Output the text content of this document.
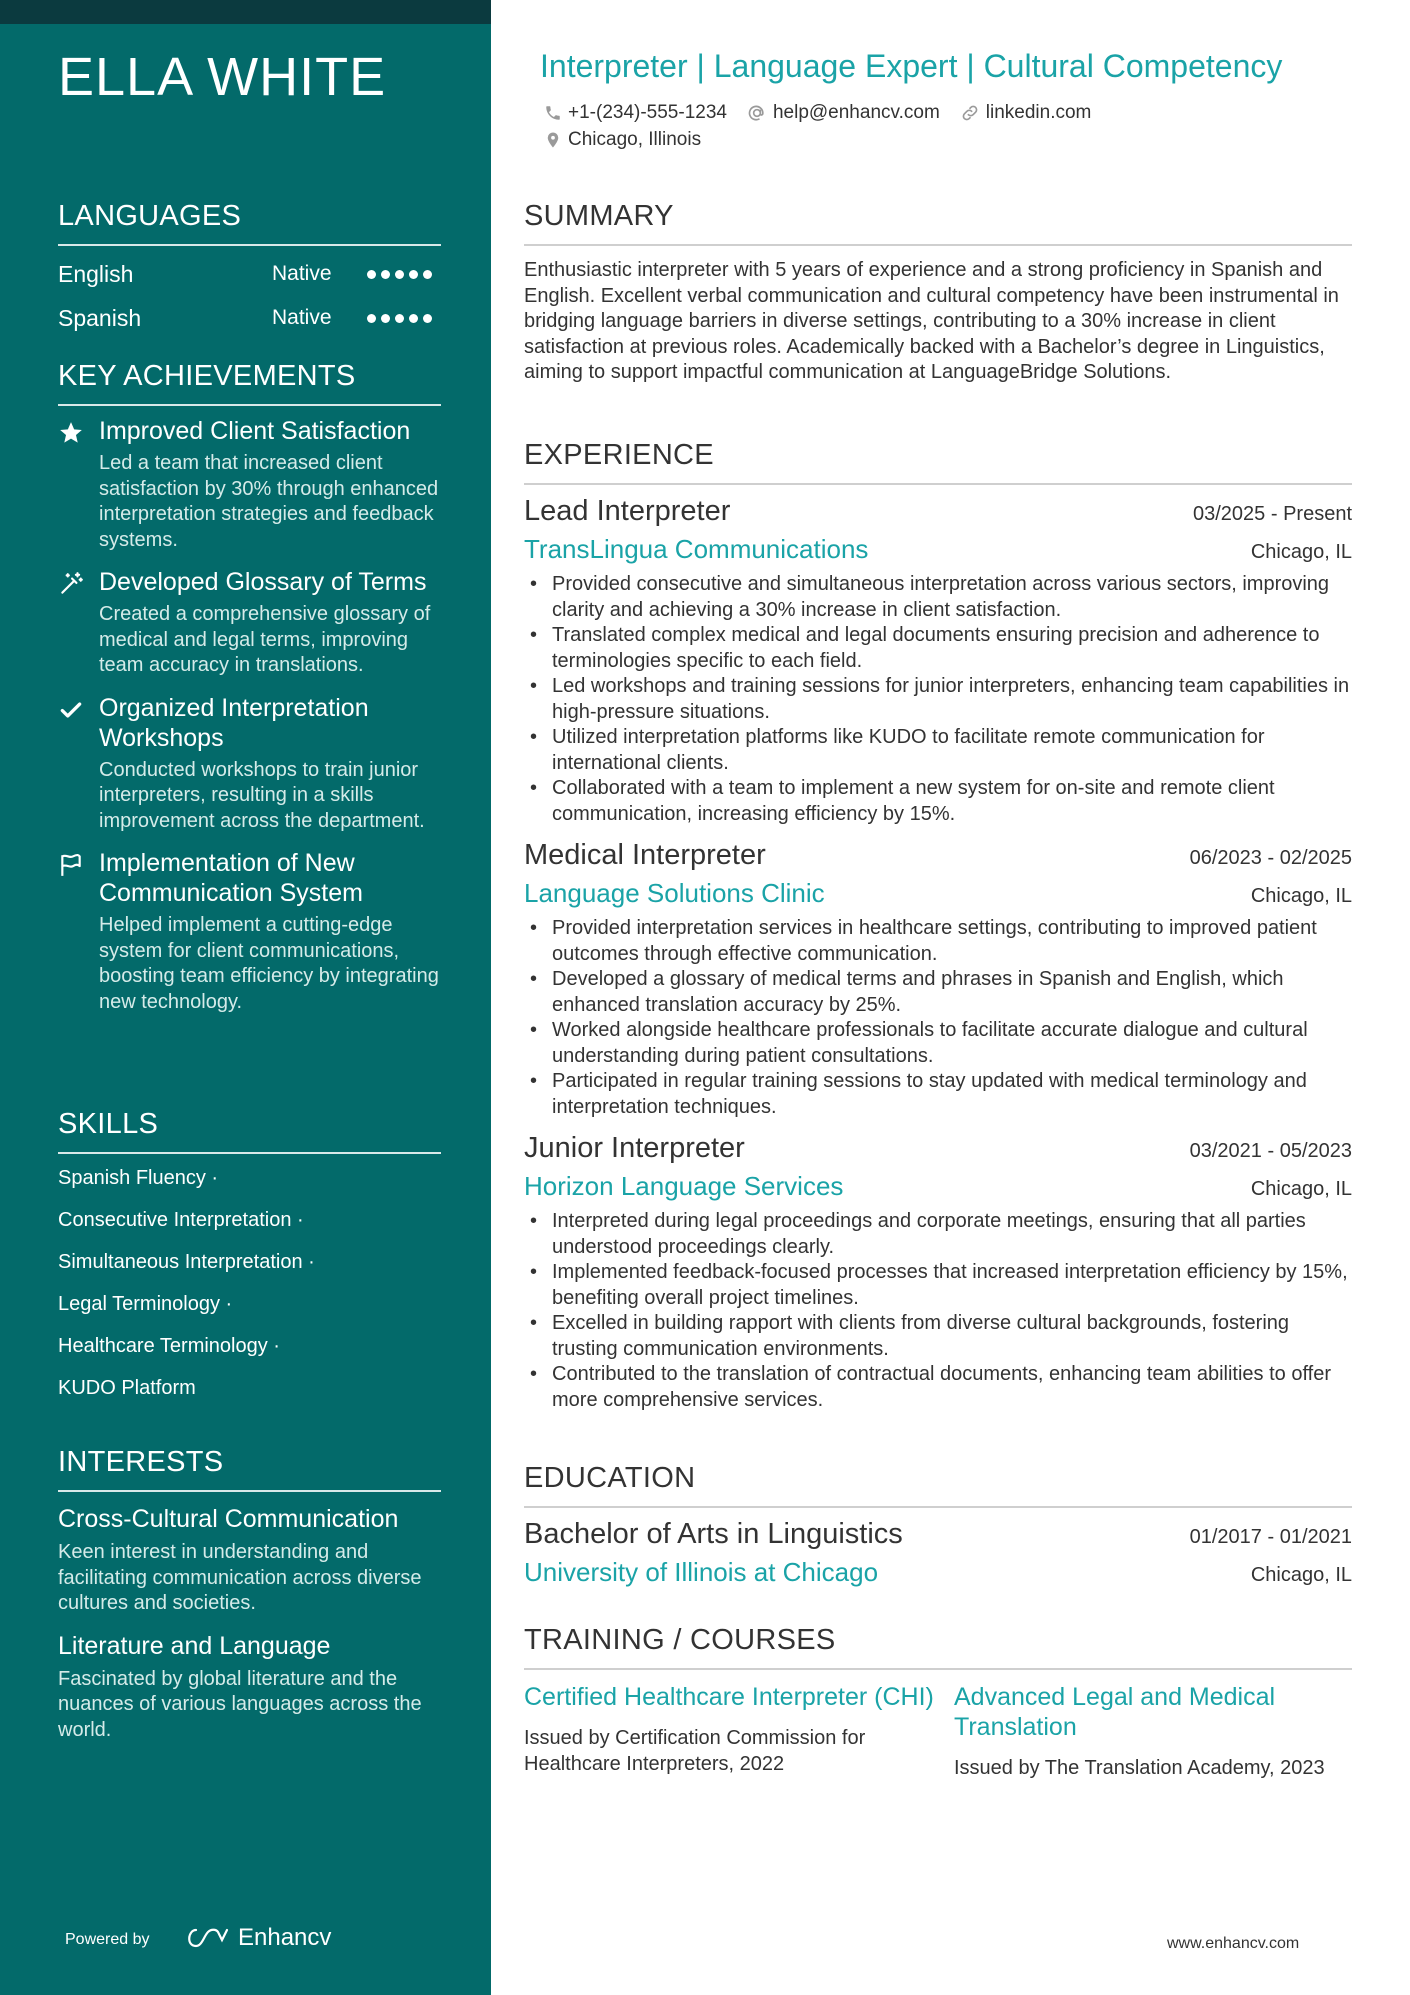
ELLA WHITE
LANGUAGES
English	Native
Spanish	Native
KEY ACHIEVEMENTS
Improved Client Satisfaction
Led a team that increased client satisfaction by 30% through enhanced interpretation strategies and feedback systems.
Developed Glossary of Terms
Created a comprehensive glossary of medical and legal terms, improving team accuracy in translations.
Organized Interpretation Workshops
Conducted workshops to train junior interpreters, resulting in a skills improvement across the department.
Implementation of New Communication System
Helped implement a cutting-edge system for client communications, boosting team efficiency by integrating new technology.
SKILLS
Spanish Fluency ·
Consecutive Interpretation ·
Simultaneous Interpretation ·
Legal Terminology ·
Healthcare Terminology ·
KUDO Platform
INTERESTS
Cross-Cultural Communication
Keen interest in understanding and facilitating communication across diverse cultures and societies.
Literature and Language
Fascinated by global literature and the nuances of various languages across the world.
Powered by	Enhancv
Interpreter | Language Expert | Cultural Competency
+1-(234)-555-1234 help@enhancv.com linkedin.com
Chicago, Illinois
SUMMARY
Enthusiastic interpreter with 5 years of experience and a strong proficiency in Spanish and English. Excellent verbal communication and cultural competency have been instrumental in bridging language barriers in diverse settings, contributing to a 30% increase in client satisfaction at previous roles. Academically backed with a Bachelor’s degree in Linguistics, aiming to support impactful communication at LanguageBridge Solutions.
EXPERIENCE
Lead Interpreter	03/2025 - Present
TransLingua Communications	Chicago, IL
• Provided consecutive and simultaneous interpretation across various sectors, improving clarity and achieving a 30% increase in client satisfaction.
• Translated complex medical and legal documents ensuring precision and adherence to terminologies specific to each field.
• Led workshops and training sessions for junior interpreters, enhancing team capabilities in high-pressure situations.
• Utilized interpretation platforms like KUDO to facilitate remote communication for international clients.
• Collaborated with a team to implement a new system for on-site and remote client communication, increasing efficiency by 15%.
Medical Interpreter	06/2023 - 02/2025
Language Solutions Clinic	Chicago, IL
• Provided interpretation services in healthcare settings, contributing to improved patient outcomes through effective communication.
• Developed a glossary of medical terms and phrases in Spanish and English, which enhanced translation accuracy by 25%.
• Worked alongside healthcare professionals to facilitate accurate dialogue and cultural understanding during patient consultations.
• Participated in regular training sessions to stay updated with medical terminology and interpretation techniques.
Junior Interpreter	03/2021 - 05/2023
Horizon Language Services	Chicago, IL
• Interpreted during legal proceedings and corporate meetings, ensuring that all parties understood proceedings clearly.
• Implemented feedback-focused processes that increased interpretation efficiency by 15%, benefiting overall project timelines.
• Excelled in building rapport with clients from diverse cultural backgrounds, fostering trusting communication environments.
• Contributed to the translation of contractual documents, enhancing team abilities to offer more comprehensive services.
EDUCATION
Bachelor of Arts in Linguistics	01/2017 - 01/2021
University of Illinois at Chicago	Chicago, IL
TRAINING / COURSES
Certified Healthcare Interpreter (CHI)
Issued by Certification Commission for Healthcare Interpreters, 2022
Advanced Legal and Medical Translation
Issued by The Translation Academy, 2023
www.enhancv.com
